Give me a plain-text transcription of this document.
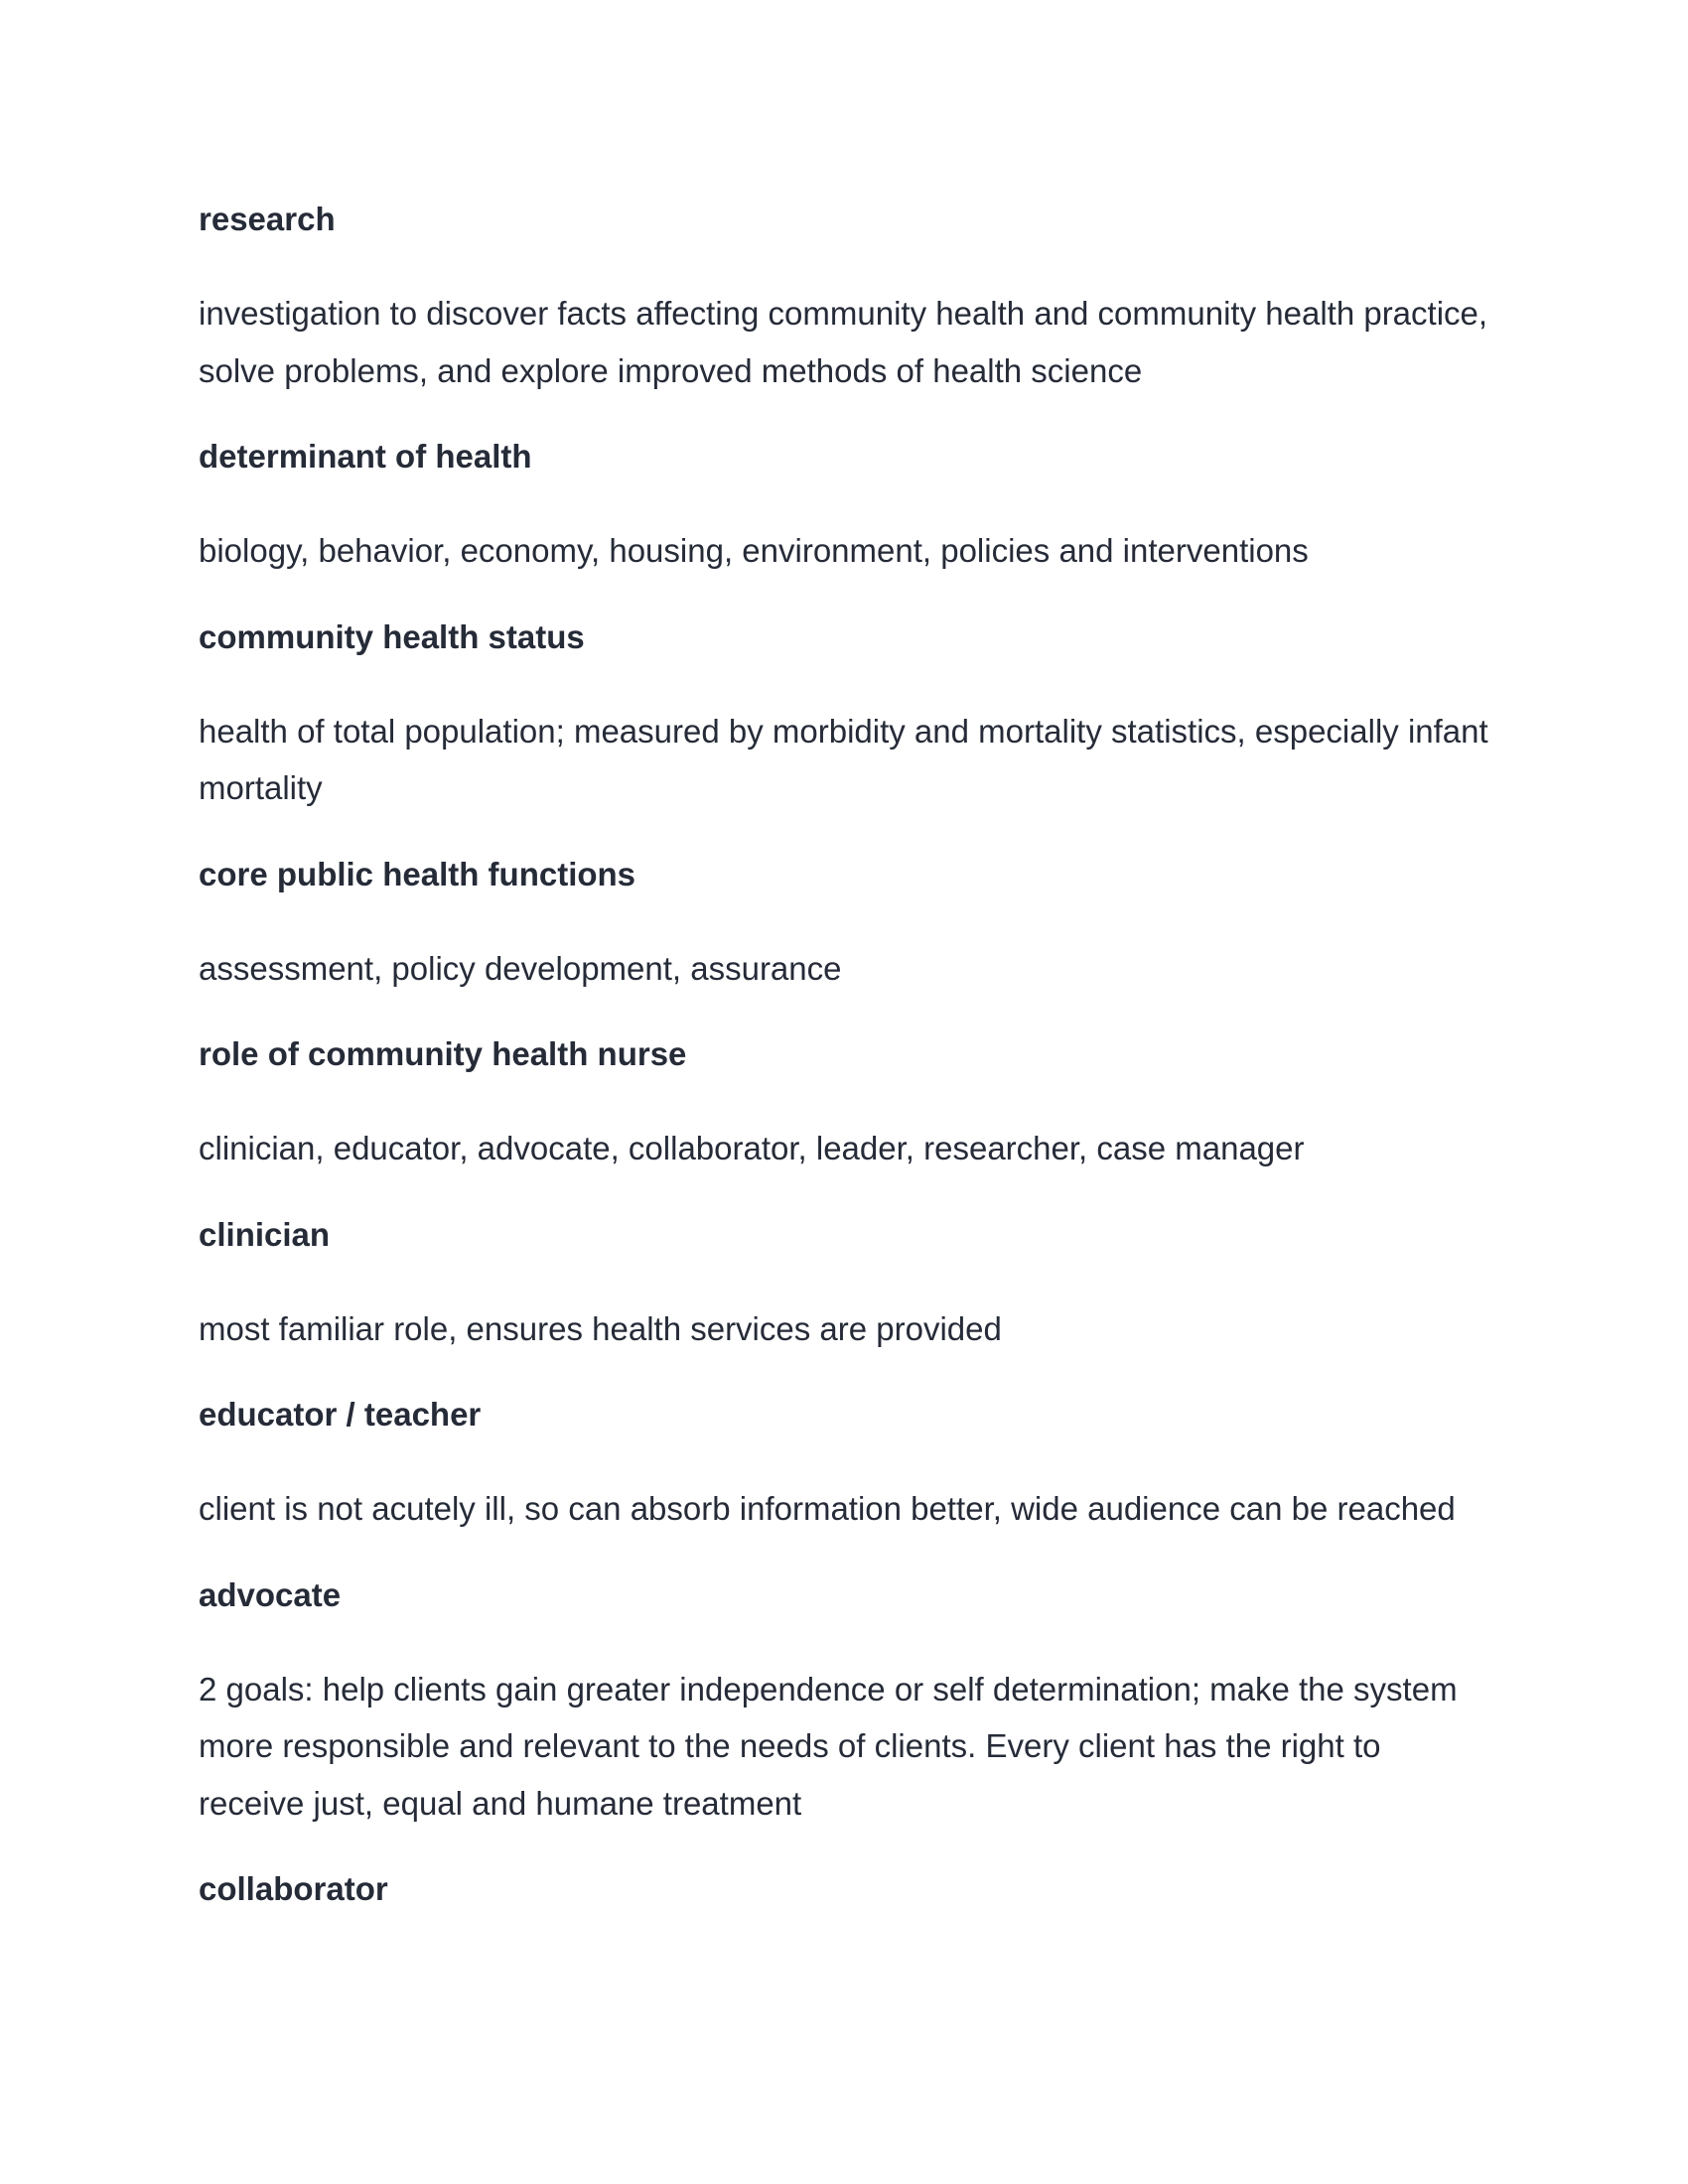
research

investigation to discover facts affecting community health and community health practice, solve problems, and explore improved methods of health science

determinant of health

biology, behavior, economy, housing, environment, policies and interventions

community health status

health of total population; measured by morbidity and mortality statistics, especially infant mortality

core public health functions

assessment, policy development, assurance

role of community health nurse

clinician, educator, advocate, collaborator, leader, researcher, case manager

clinician

most familiar role, ensures health services are provided

educator / teacher

client is not acutely ill, so can absorb information better, wide audience can be reached

advocate

2 goals: help clients gain greater independence or self determination; make the system more responsible and relevant to the needs of clients. Every client has the right to receive just, equal and humane treatment

collaborator
